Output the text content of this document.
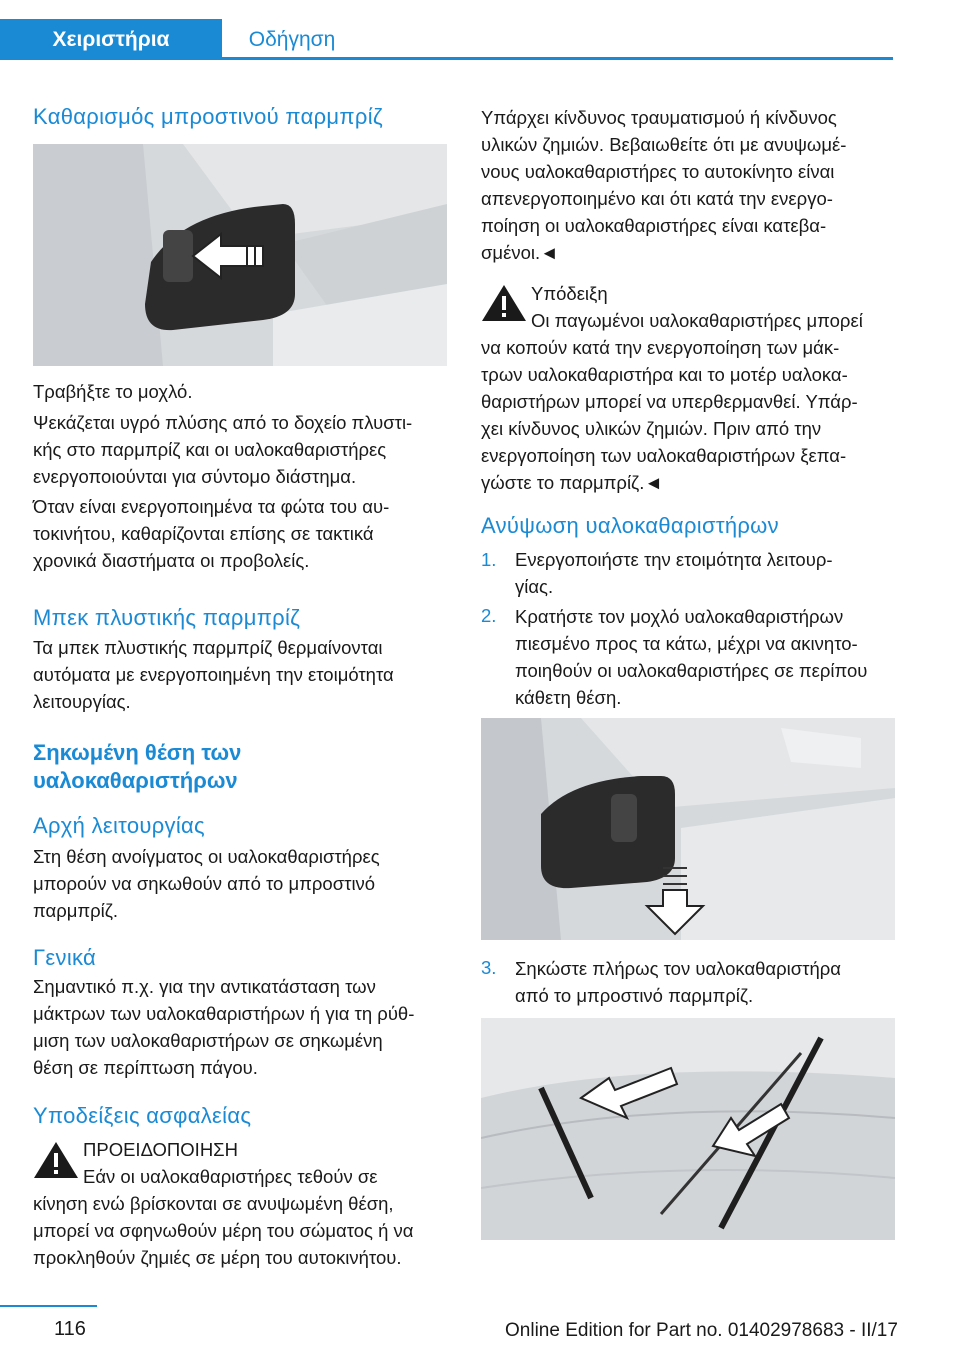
Χειριστήρια	Οδήγηση
Καθαρισμός μπροστινού παρμπρίζ
Τραβήξτε το μοχλό.
Ψεκάζεται υγρό πλύσης από το δοχείο πλυστι-
κής στο παρμπρίζ και οι υαλοκαθαριστήρες
ενεργοποιούνται για σύντομο διάστημα.
Όταν είναι ενεργοποιημένα τα φώτα του αυ-
τοκινήτου, καθαρίζονται επίσης σε τακτικά
χρονικά διαστήματα οι προβολείς.
Μπεκ πλυστικής παρμπρίζ
Τα μπεκ πλυστικής παρμπρίζ θερμαίνονται
αυτόματα με ενεργοποιημένη την ετοιμότητα
λειτουργίας.
Σηκωμένη θέση των
υαλοκαθαριστήρων
Αρχή λειτουργίας
Στη θέση ανοίγματος οι υαλοκαθαριστήρες
μπορούν να σηκωθούν από το μπροστινό
παρμπρίζ.
Γενικά
Σημαντικό π.χ. για την αντικατάσταση των
μάκτρων των υαλοκαθαριστήρων ή για τη ρύθ-
μιση των υαλοκαθαριστήρων σε σηκωμένη
θέση σε περίπτωση πάγου.
Υποδείξεις ασφαλείας
ΠΡΟΕΙΔΟΠΟΙΗΣΗ
Εάν οι υαλοκαθαριστήρες τεθούν σε
κίνηση ενώ βρίσκονται σε ανυψωμένη θέση,
μπορεί να σφηνωθούν μέρη του σώματος ή να
προκληθούν ζημιές σε μέρη του αυτοκινήτου.
Υπάρχει κίνδυνος τραυματισμού ή κίνδυνος
υλικών ζημιών. Βεβαιωθείτε ότι με ανυψωμέ-
νους υαλοκαθαριστήρες το αυτοκίνητο είναι
απενεργοποιημένο και ότι κατά την ενεργο-
ποίηση οι υαλοκαθαριστήρες είναι κατεβα-
σμένοι.◄
Υπόδειξη
Οι παγωμένοι υαλοκαθαριστήρες μπορεί
να κοπούν κατά την ενεργοποίηση των μάκ-
τρων υαλοκαθαριστήρα και το μοτέρ υαλοκα-
θαριστήρων μπορεί να υπερθερμανθεί. Υπάρ-
χει κίνδυνος υλικών ζημιών. Πριν από την
ενεργοποίηση των υαλοκαθαριστήρων ξεπα-
γώστε το παρμπρίζ.◄
Ανύψωση υαλοκαθαριστήρων
1. Ενεργοποιήστε την ετοιμότητα λειτουρ-
γίας.
2. Κρατήστε τον μοχλό υαλοκαθαριστήρων
πιεσμένο προς τα κάτω, μέχρι να ακινητο-
ποιηθούν οι υαλοκαθαριστήρες σε περίπου
κάθετη θέση.
3. Σηκώστε πλήρως τον υαλοκαθαριστήρα
από το μπροστινό παρμπρίζ.
116	Online Edition for Part no. 01402978683 - II/17
